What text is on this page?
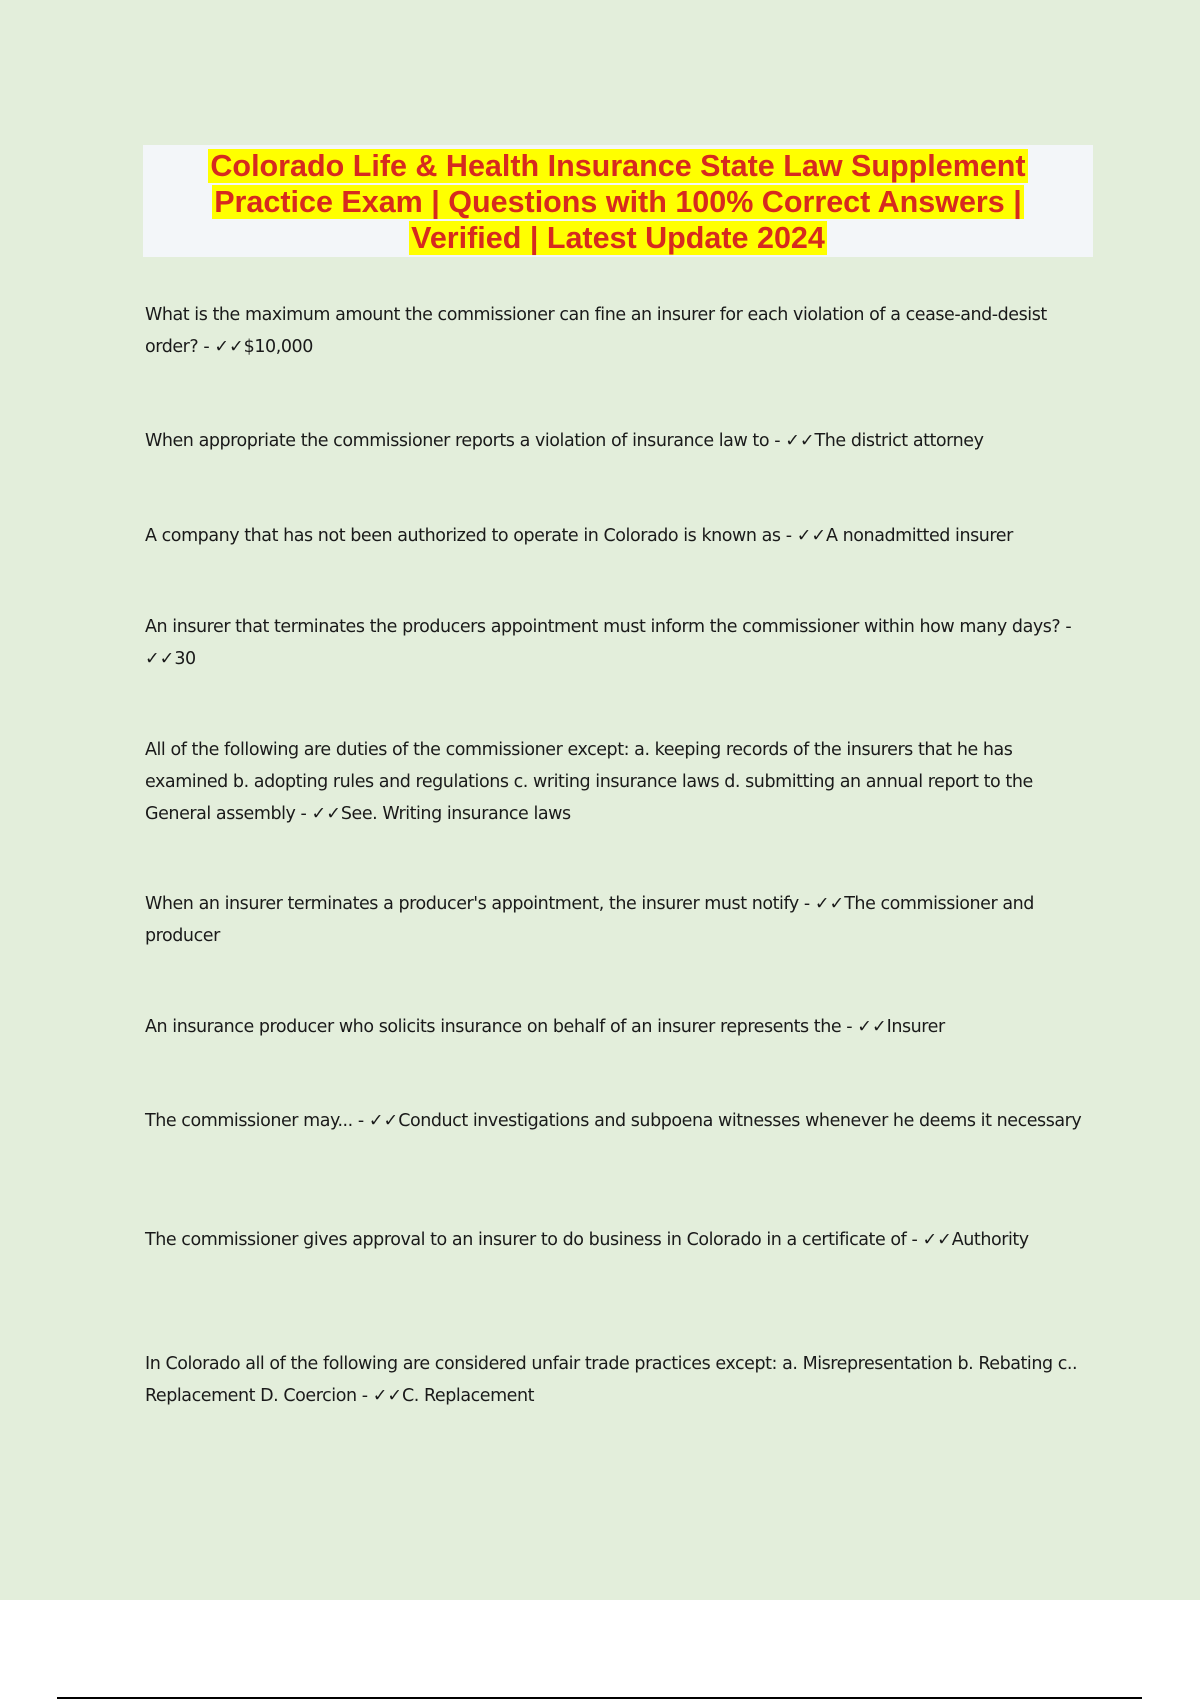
Colorado Life & Health Insurance State Law Supplement
Practice Exam | Questions with 100% Correct Answers |
Verified | Latest Update 2024

What is the maximum amount the commissioner can fine an insurer for each violation of a cease-and-desist order? - ✓✓$10,000

When appropriate the commissioner reports a violation of insurance law to - ✓✓The district attorney

A company that has not been authorized to operate in Colorado is known as - ✓✓A nonadmitted insurer

An insurer that terminates the producers appointment must inform the commissioner within how many days? - ✓✓30

All of the following are duties of the commissioner except: a. keeping records of the insurers that he has examined b. adopting rules and regulations c. writing insurance laws d. submitting an annual report to the General assembly - ✓✓See. Writing insurance laws

When an insurer terminates a producer's appointment, the insurer must notify - ✓✓The commissioner and producer

An insurance producer who solicits insurance on behalf of an insurer represents the - ✓✓Insurer

The commissioner may... - ✓✓Conduct investigations and subpoena witnesses whenever he deems it necessary

The commissioner gives approval to an insurer to do business in Colorado in a certificate of - ✓✓Authority

In Colorado all of the following are considered unfair trade practices except: a. Misrepresentation b. Rebating c.. Replacement D. Coercion - ✓✓C. Replacement
